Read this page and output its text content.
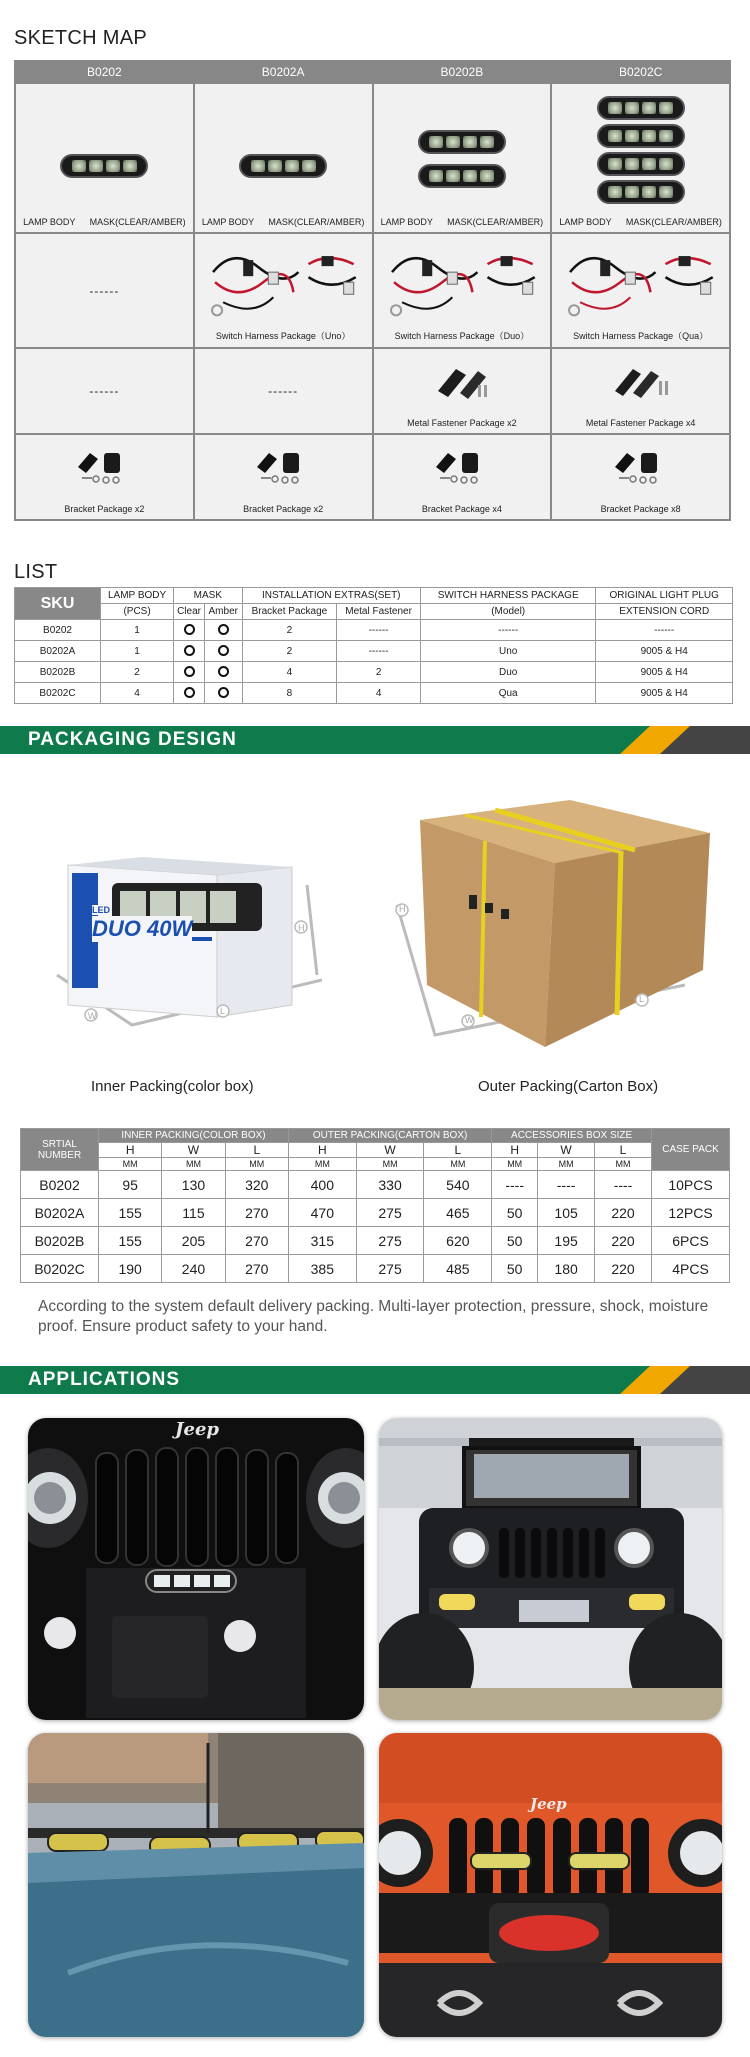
SKETCH MAP
B0202	B0202A	B0202B	B0202C
LAMP BODY MASK(CLEAR/AMBER) LAMP BODY MASK(CLEAR/AMBER) LAMP BODY MASK(CLEAR/AMBER) LAMP BODY MASK(CLEAR/AMBER)
------
Switch Harness Package（Uno）	Switch Harness Package（Duo）	Switch Harness Package（Qua）
------	------
Metal Fastener Package x2	Metal Fastener Package x4
Bracket Package x2	Bracket Package x2	Bracket Package x4	Bracket Package x8
LIST
SKU	LAMP BODY	MASK		INSTALLATION EXTRAS(SET)		SWITCH HARNESS PACKAGE	ORIGINAL LIGHT PLUG
	(PCS)	Clear	Amber	Bracket Package	Metal Fastener	(Model)	EXTENSION CORD
B0202	1			2	------	------	------
B0202A	1			2	------	Uno	9005 & H4
B0202B	2			4	2	Duo	9005 & H4
B0202C	4			8	4	Qua	9005 & H4
PACKAGING DESIGN
LED
DUO 40W	H
W	L
H
W
L
Inner Packing(color box)	Outer Packing(Carton Box)
SRTIAL NUMBER	INNER PACKING(COLOR BOX)			OUTER PACKING(CARTON BOX)			ACCESSORIES BOX SIZE			CASE PACK
	H	W	L	H	W	L	H	W	L	
	MM	MM	MM	MM	MM	MM	MM	MM	MM	
B0202	95	130	320	400	330	540	----	----	----	10PCS
B0202A	155	115	270	470	275	465	50	105	220	12PCS
B0202B	155	205	270	315	275	620	50	195	220	6PCS
B0202C	190	240	270	385	275	485	50	180	220	4PCS
According to the system default delivery packing. Multi-layer protection, pressure, shock, moisture proof. Ensure product safety to your hand.
APPLICATIONS
Jeep
Jeep
